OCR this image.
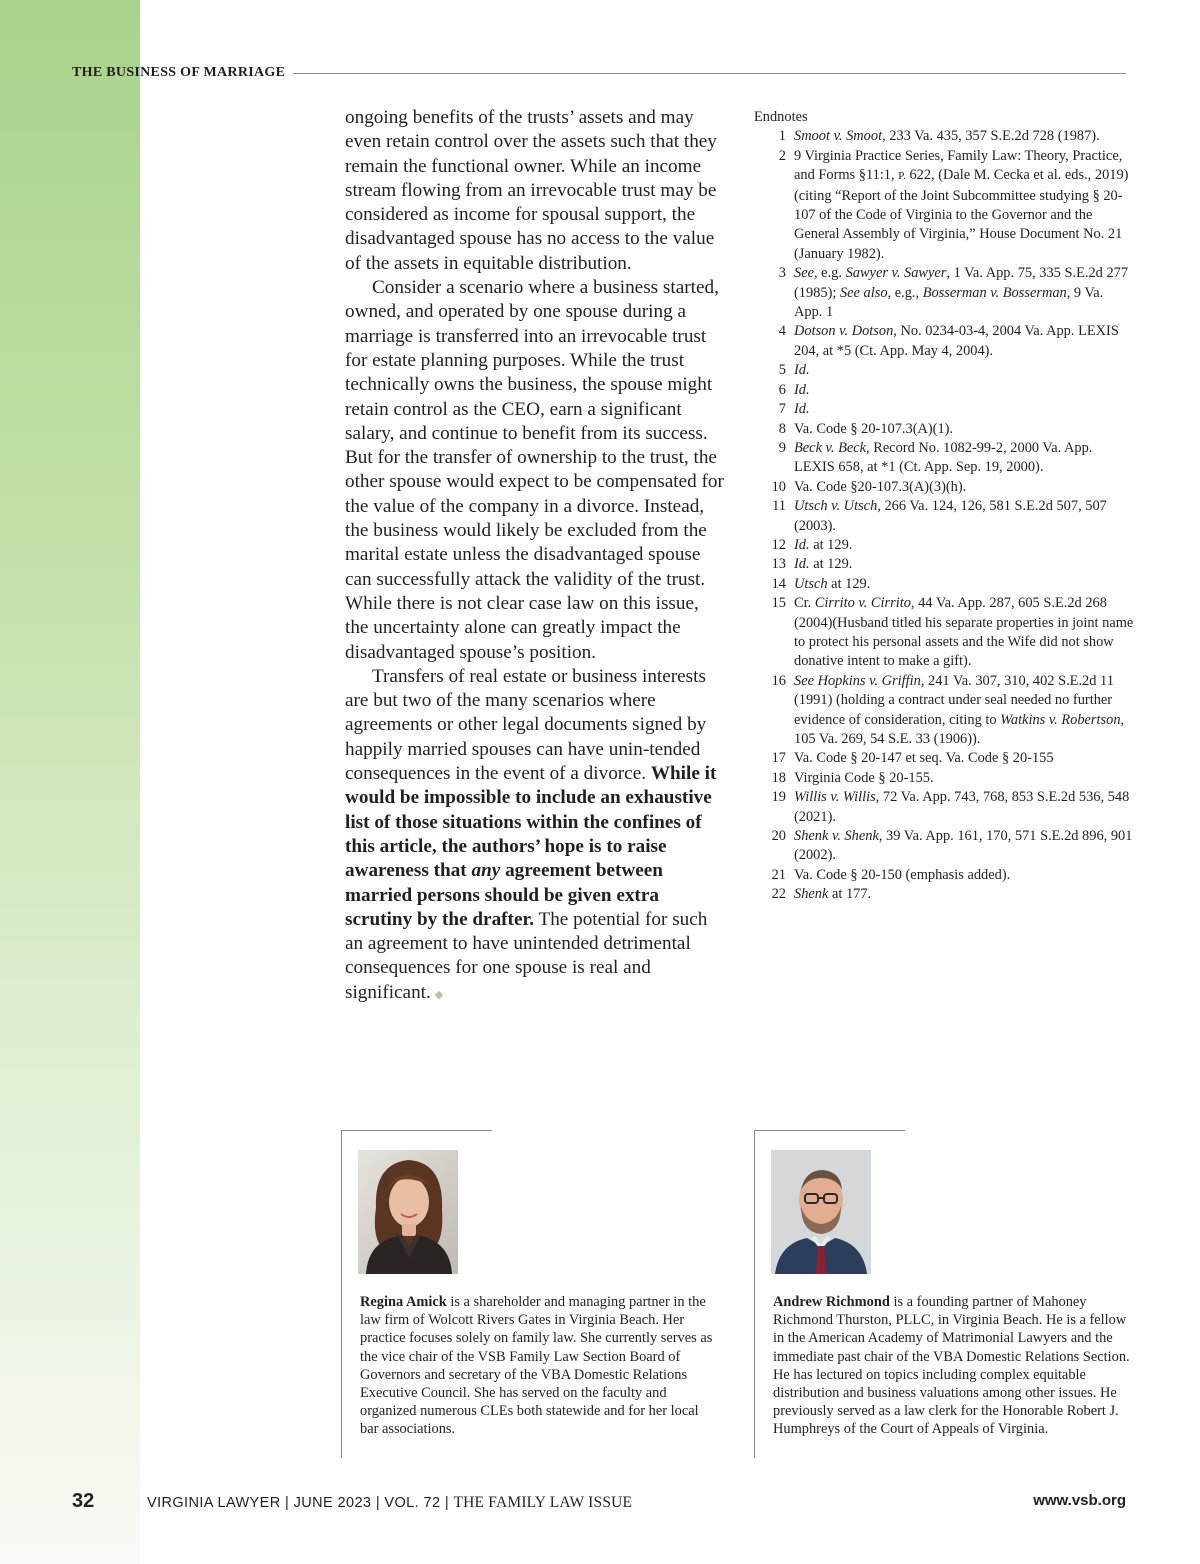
THE BUSINESS OF MARRIAGE

ongoing benefits of the trusts’ assets and may even retain control over the assets such that they remain the functional owner. While an income stream flowing from an irrevocable trust may be considered as income for spousal support, the disadvantaged spouse has no access to the value of the assets in equitable distribution.

Consider a scenario where a business started, owned, and operated by one spouse during a marriage is transferred into an irrevocable trust for estate planning purposes. While the trust technically owns the business, the spouse might retain control as the CEO, earn a significant salary, and continue to benefit from its success. But for the transfer of ownership to the trust, the other spouse would expect to be compensated for the value of the company in a divorce. Instead, the business would likely be excluded from the marital estate unless the disadvantaged spouse can successfully attack the validity of the trust. While there is not clear case law on this issue, the uncertainty alone can greatly impact the disadvantaged spouse’s position.

Transfers of real estate or business interests are but two of the many scenarios where agreements or other legal documents signed by happily married spouses can have unin-tended consequences in the event of a divorce. While it would be impossible to include an exhaustive list of those situations within the confines of this article, the authors’ hope is to raise awareness that any agreement between married persons should be given extra scrutiny by the drafter. The potential for such an agreement to have unintended detrimental consequences for one spouse is real and significant. ◆

Endnotes
1 Smoot v. Smoot, 233 Va. 435, 357 S.E.2d 728 (1987).
2 9 Virginia Practice Series, Family Law: Theory, Practice, and Forms §11:1, P. 622, (Dale M. Cecka et al. eds., 2019) (citing “Report of the Joint Subcommittee studying § 20-107 of the Code of Virginia to the Governor and the General Assembly of Virginia,” House Document No. 21 (January 1982).
3 See, e.g. Sawyer v. Sawyer, 1 Va. App. 75, 335 S.E.2d 277 (1985); See also, e.g., Bosserman v. Bosserman, 9 Va. App. 1
4 Dotson v. Dotson, No. 0234-03-4, 2004 Va. App. LEXIS 204, at *5 (Ct. App. May 4, 2004).
5 Id.
6 Id.
7 Id.
8 Va. Code § 20-107.3(A)(1).
9 Beck v. Beck, Record No. 1082-99-2, 2000 Va. App. LEXIS 658, at *1 (Ct. App. Sep. 19, 2000).
10 Va. Code §20-107.3(A)(3)(h).
11 Utsch v. Utsch, 266 Va. 124, 126, 581 S.E.2d 507, 507 (2003).
12 Id. at 129.
13 Id. at 129.
14 Utsch at 129.
15 Cr. Cirrito v. Cirrito, 44 Va. App. 287, 605 S.E.2d 268 (2004)(Husband titled his separate properties in joint name to protect his personal assets and the Wife did not show donative intent to make a gift).
16 See Hopkins v. Griffin, 241 Va. 307, 310, 402 S.E.2d 11 (1991) (holding a contract under seal needed no further evidence of consideration, citing to Watkins v. Robertson, 105 Va. 269, 54 S.E. 33 (1906)).
17 Va. Code § 20-147 et seq. Va. Code § 20-155
18 Virginia Code § 20-155.
19 Willis v. Willis, 72 Va. App. 743, 768, 853 S.E.2d 536, 548 (2021).
20 Shenk v. Shenk, 39 Va. App. 161, 170, 571 S.E.2d 896, 901 (2002).
21 Va. Code § 20-150 (emphasis added).
22 Shenk at 177.
Regina Amick is a shareholder and managing partner in the law firm of Wolcott Rivers Gates in Virginia Beach. Her practice focuses solely on family law. She currently serves as the vice chair of the VSB Family Law Section Board of Governors and secretary of the VBA Domestic Relations Executive Council. She has served on the faculty and organized numerous CLEs both statewide and for her local bar associations.
Andrew Richmond is a founding partner of Mahoney Richmond Thurston, PLLC, in Virginia Beach. He is a fellow in the American Academy of Matrimonial Lawyers and the immediate past chair of the VBA Domestic Relations Section. He has lectured on topics including complex equitable distribution and business valuations among other issues. He previously served as a law clerk for the Honorable Robert J. Humphreys of the Court of Appeals of Virginia.
32	VIRGINIA LAWYER | JUNE 2023 | VOL. 72 | THE FAMILY LAW ISSUE	www.vsb.org
